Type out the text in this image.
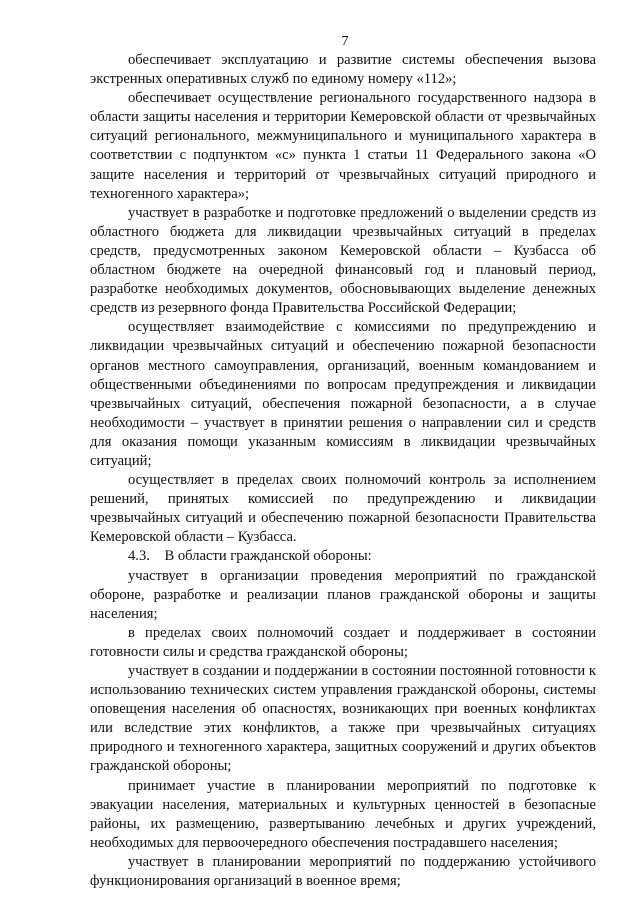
7

обеспечивает эксплуатацию и развитие системы обеспечения вызова экстренных оперативных служб по единому номеру «112»;

обеспечивает осуществление регионального государственного надзора в области защиты населения и территории Кемеровской области от чрезвычайных ситуаций регионального, межмуниципального и муниципального характера в соответствии с подпунктом «с» пункта 1 статьи 11 Федерального закона «О защите населения и территорий от чрезвычайных ситуаций природного и техногенного характера»;

участвует в разработке и подготовке предложений о выделении средств из областного бюджета для ликвидации чрезвычайных ситуаций в пределах средств, предусмотренных законом Кемеровской области – Кузбасса об областном бюджете на очередной финансовый год и плановый период, разработке необходимых документов, обосновывающих выделение денежных средств из резервного фонда Правительства Российской Федерации;

осуществляет взаимодействие с комиссиями по предупреждению и ликвидации чрезвычайных ситуаций и обеспечению пожарной безопасности органов местного самоуправления, организаций, военным командованием и общественными объединениями по вопросам предупреждения и ликвидации чрезвычайных ситуаций, обеспечения пожарной безопасности, а в случае необходимости – участвует в принятии решения о направлении сил и средств для оказания помощи указанным комиссиям в ликвидации чрезвычайных ситуаций;

осуществляет в пределах своих полномочий контроль за исполнением решений, принятых комиссией по предупреждению и ликвидации чрезвычайных ситуаций и обеспечению пожарной безопасности Правительства Кемеровской области – Кузбасса.

4.3. В области гражданской обороны:

участвует в организации проведения мероприятий по гражданской обороне, разработке и реализации планов гражданской обороны и защиты населения;

в пределах своих полномочий создает и поддерживает в состоянии готовности силы и средства гражданской обороны;

участвует в создании и поддержании в состоянии постоянной готовности к использованию технических систем управления гражданской обороны, системы оповещения населения об опасностях, возникающих при военных конфликтах или вследствие этих конфликтов, а также при чрезвычайных ситуациях природного и техногенного характера, защитных сооружений и других объектов гражданской обороны;

принимает участие в планировании мероприятий по подготовке к эвакуации населения, материальных и культурных ценностей в безопасные районы, их размещению, развертыванию лечебных и других учреждений, необходимых для первоочередного обеспечения пострадавшего населения;

участвует в планировании мероприятий по поддержанию устойчивого функционирования организаций в военное время;
